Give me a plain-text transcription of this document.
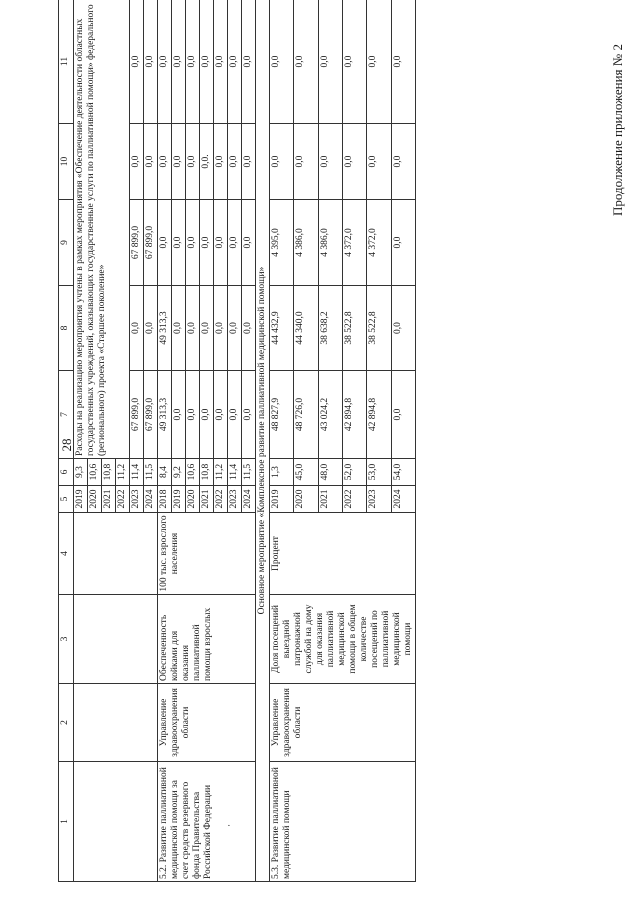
28
Продолжение приложения № 2
1	2	3	4	5	6	7	8	9	10	11
				2019	9,3	Расходы на реализацию мероприятия учтены в рамках мероприятия «Обеспечение деятельности областных государственных учреждений, оказывающих государственные услуги по паллиативной помощи» федерального (регионального) проекта «Старшее поколение»				
				2020	10,6					
				2021	10,8					
				2022	11,2					
				2023	11,4	67 899,0	0,0	67 899,0	0,0	0,0
				2024	11,5	67 899,0	0,0	67 899,0	0,0	0,0
5.2. Развитие паллиативной медицинской помощи за счет средств резервного фонда Правительства Российской Федерации ·	Управление здравоохранения области	Обеспеченность койками для оказания паллиативной помощи взрослых	100 тыс. взрослого населения	2018	8,4	49 313,3	49 313,3	0,0	0,0	0,0
				2019	9,2	0,0	0,0	0,0	0,0	0,0
				2020	10,6	0,0	0,0	0,0	0,0	0,0
				2021	10,8	0,0	0,0	0,0	0,0.	0,0
				2022	11,2	0,0	0,0	0,0	0,0	0,0
				2023	11,4	0,0	0,0	0,0	0,0	0,0
				2024	11,5	0,0	0,0	0,0	0,0	0,0
Основное мероприятие «Комплексное развитие паллиативной медицинской помощи»										
5.3. Развитие паллиативной медицинской помощи	Управление здравоохранения области	Доля посещений выездной патронажной службой на дому для оказания паллиативной медицинской помощи в общем количестве посещений по паллиативной медицинской помощи	Процент	2019	1,3	48 827,9	44 432,9	4 395,0	0,0	0,0
				2020	45,0	48 726,0	44 340,0	4 386,0	0,0	0,0
				2021	48,0	43 024,2	38 638,2	4 386,0	0,0	0,0
				2022	52,0	42 894,8	38 522,8	4 372,0	0,0	0,0
				2023	53,0	42 894,8	38 522,8	4 372,0	0,0	0,0
				2024	54,0	0,0	0,0	0,0	0,0	0,0
